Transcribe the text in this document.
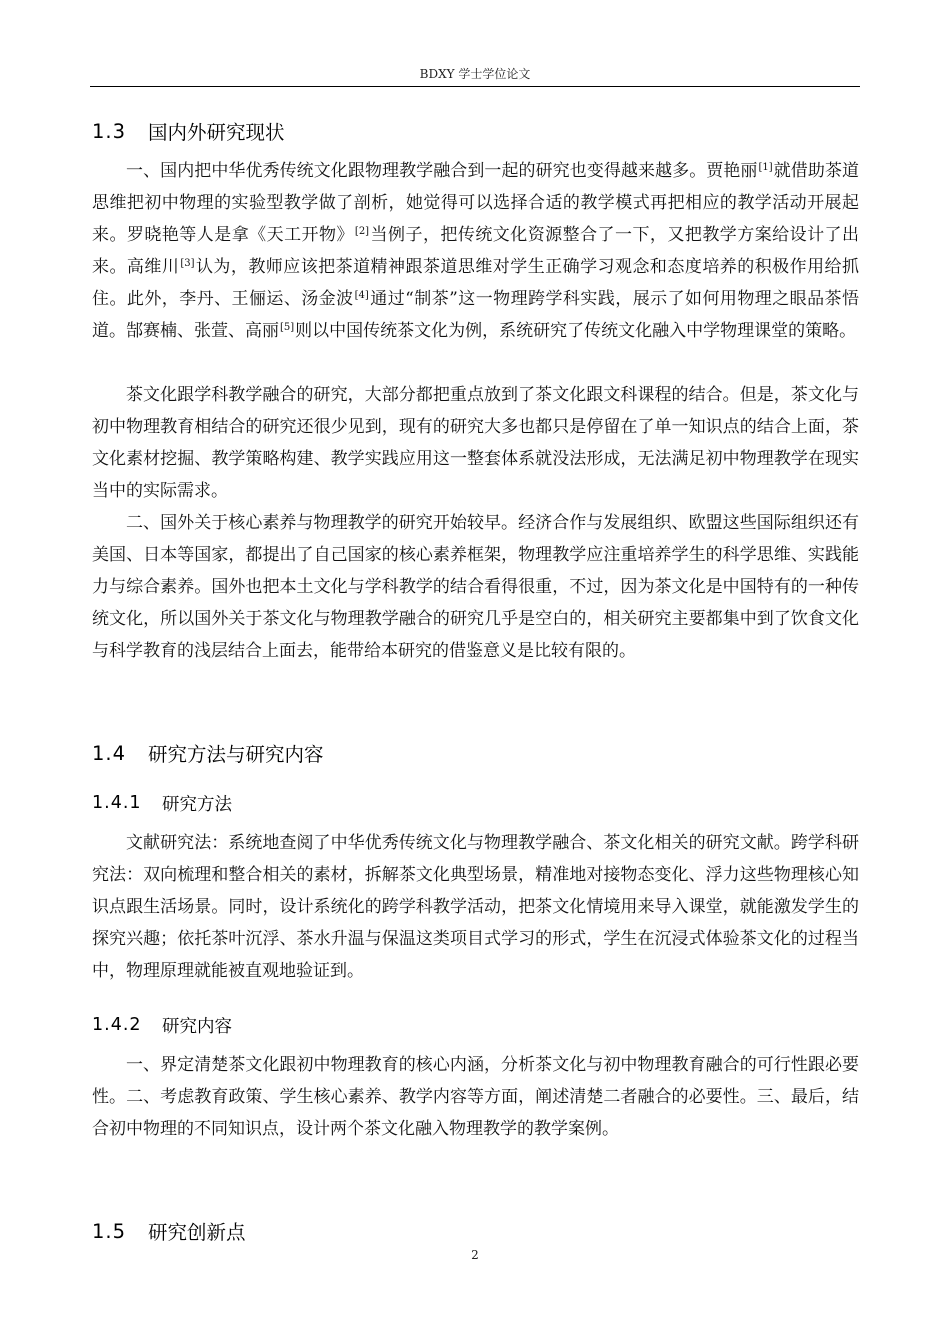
BDXY 学士学位论文
1.3	国内外研究现状

一、国内把中华优秀传统文化跟物理教学融合到一起的研究也变得越来越多。贾艳丽[1]就借助茶道思维把初中物理的实验型教学做了剖析，她觉得可以选择合适的教学模式再把相应的教学活动开展起来。罗晓艳等人是拿《天工开物》[2]当例子，把传统文化资源整合了一下，又把教学方案给设计了出来。高维川[3]认为，教师应该把茶道精神跟茶道思维对学生正确学习观念和态度培养的积极作用给抓住。此外，李丹、王俪运、汤金波[4]通过“制茶”这一物理跨学科实践，展示了如何用物理之眼品茶悟道。郜赛楠、张萱、高丽[5]则以中国传统茶文化为例，系统研究了传统文化融入中学物理课堂的策略。

茶文化跟学科教学融合的研究，大部分都把重点放到了茶文化跟文科课程的结合。但是，茶文化与初中物理教育相结合的研究还很少见到，现有的研究大多也都只是停留在了单一知识点的结合上面，茶文化素材挖掘、教学策略构建、教学实践应用这一整套体系就没法形成，无法满足初中物理教学在现实当中的实际需求。

二、国外关于核心素养与物理教学的研究开始较早。经济合作与发展组织、欧盟这些国际组织还有美国、日本等国家，都提出了自己国家的核心素养框架，物理教学应注重培养学生的科学思维、实践能力与综合素养。国外也把本土文化与学科教学的结合看得很重，不过，因为茶文化是中国特有的一种传统文化，所以国外关于茶文化与物理教学融合的研究几乎是空白的，相关研究主要都集中到了饮食文化与科学教育的浅层结合上面去，能带给本研究的借鉴意义是比较有限的。

1.4 研究方法与研究内容
1.4.1	研究方法

文献研究法：系统地查阅了中华优秀传统文化与物理教学融合、茶文化相关的研究文献。跨学科研究法：双向梳理和整合相关的素材，拆解茶文化典型场景，精准地对接物态变化、浮力这些物理核心知识点跟生活场景。同时，设计系统化的跨学科教学活动，把茶文化情境用来导入课堂，就能激发学生的探究兴趣；依托茶叶沉浮、茶水升温与保温这类项目式学习的形式，学生在沉浸式体验茶文化的过程当中，物理原理就能被直观地验证到。

1.4.2	研究内容

一、界定清楚茶文化跟初中物理教育的核心内涵，分析茶文化与初中物理教育融合的可行性跟必要性。二、考虑教育政策、学生核心素养、教学内容等方面，阐述清楚二者融合的必要性。三、最后，结合初中物理的不同知识点，设计两个茶文化融入物理教学的教学案例。

1.5	研究创新点
2
